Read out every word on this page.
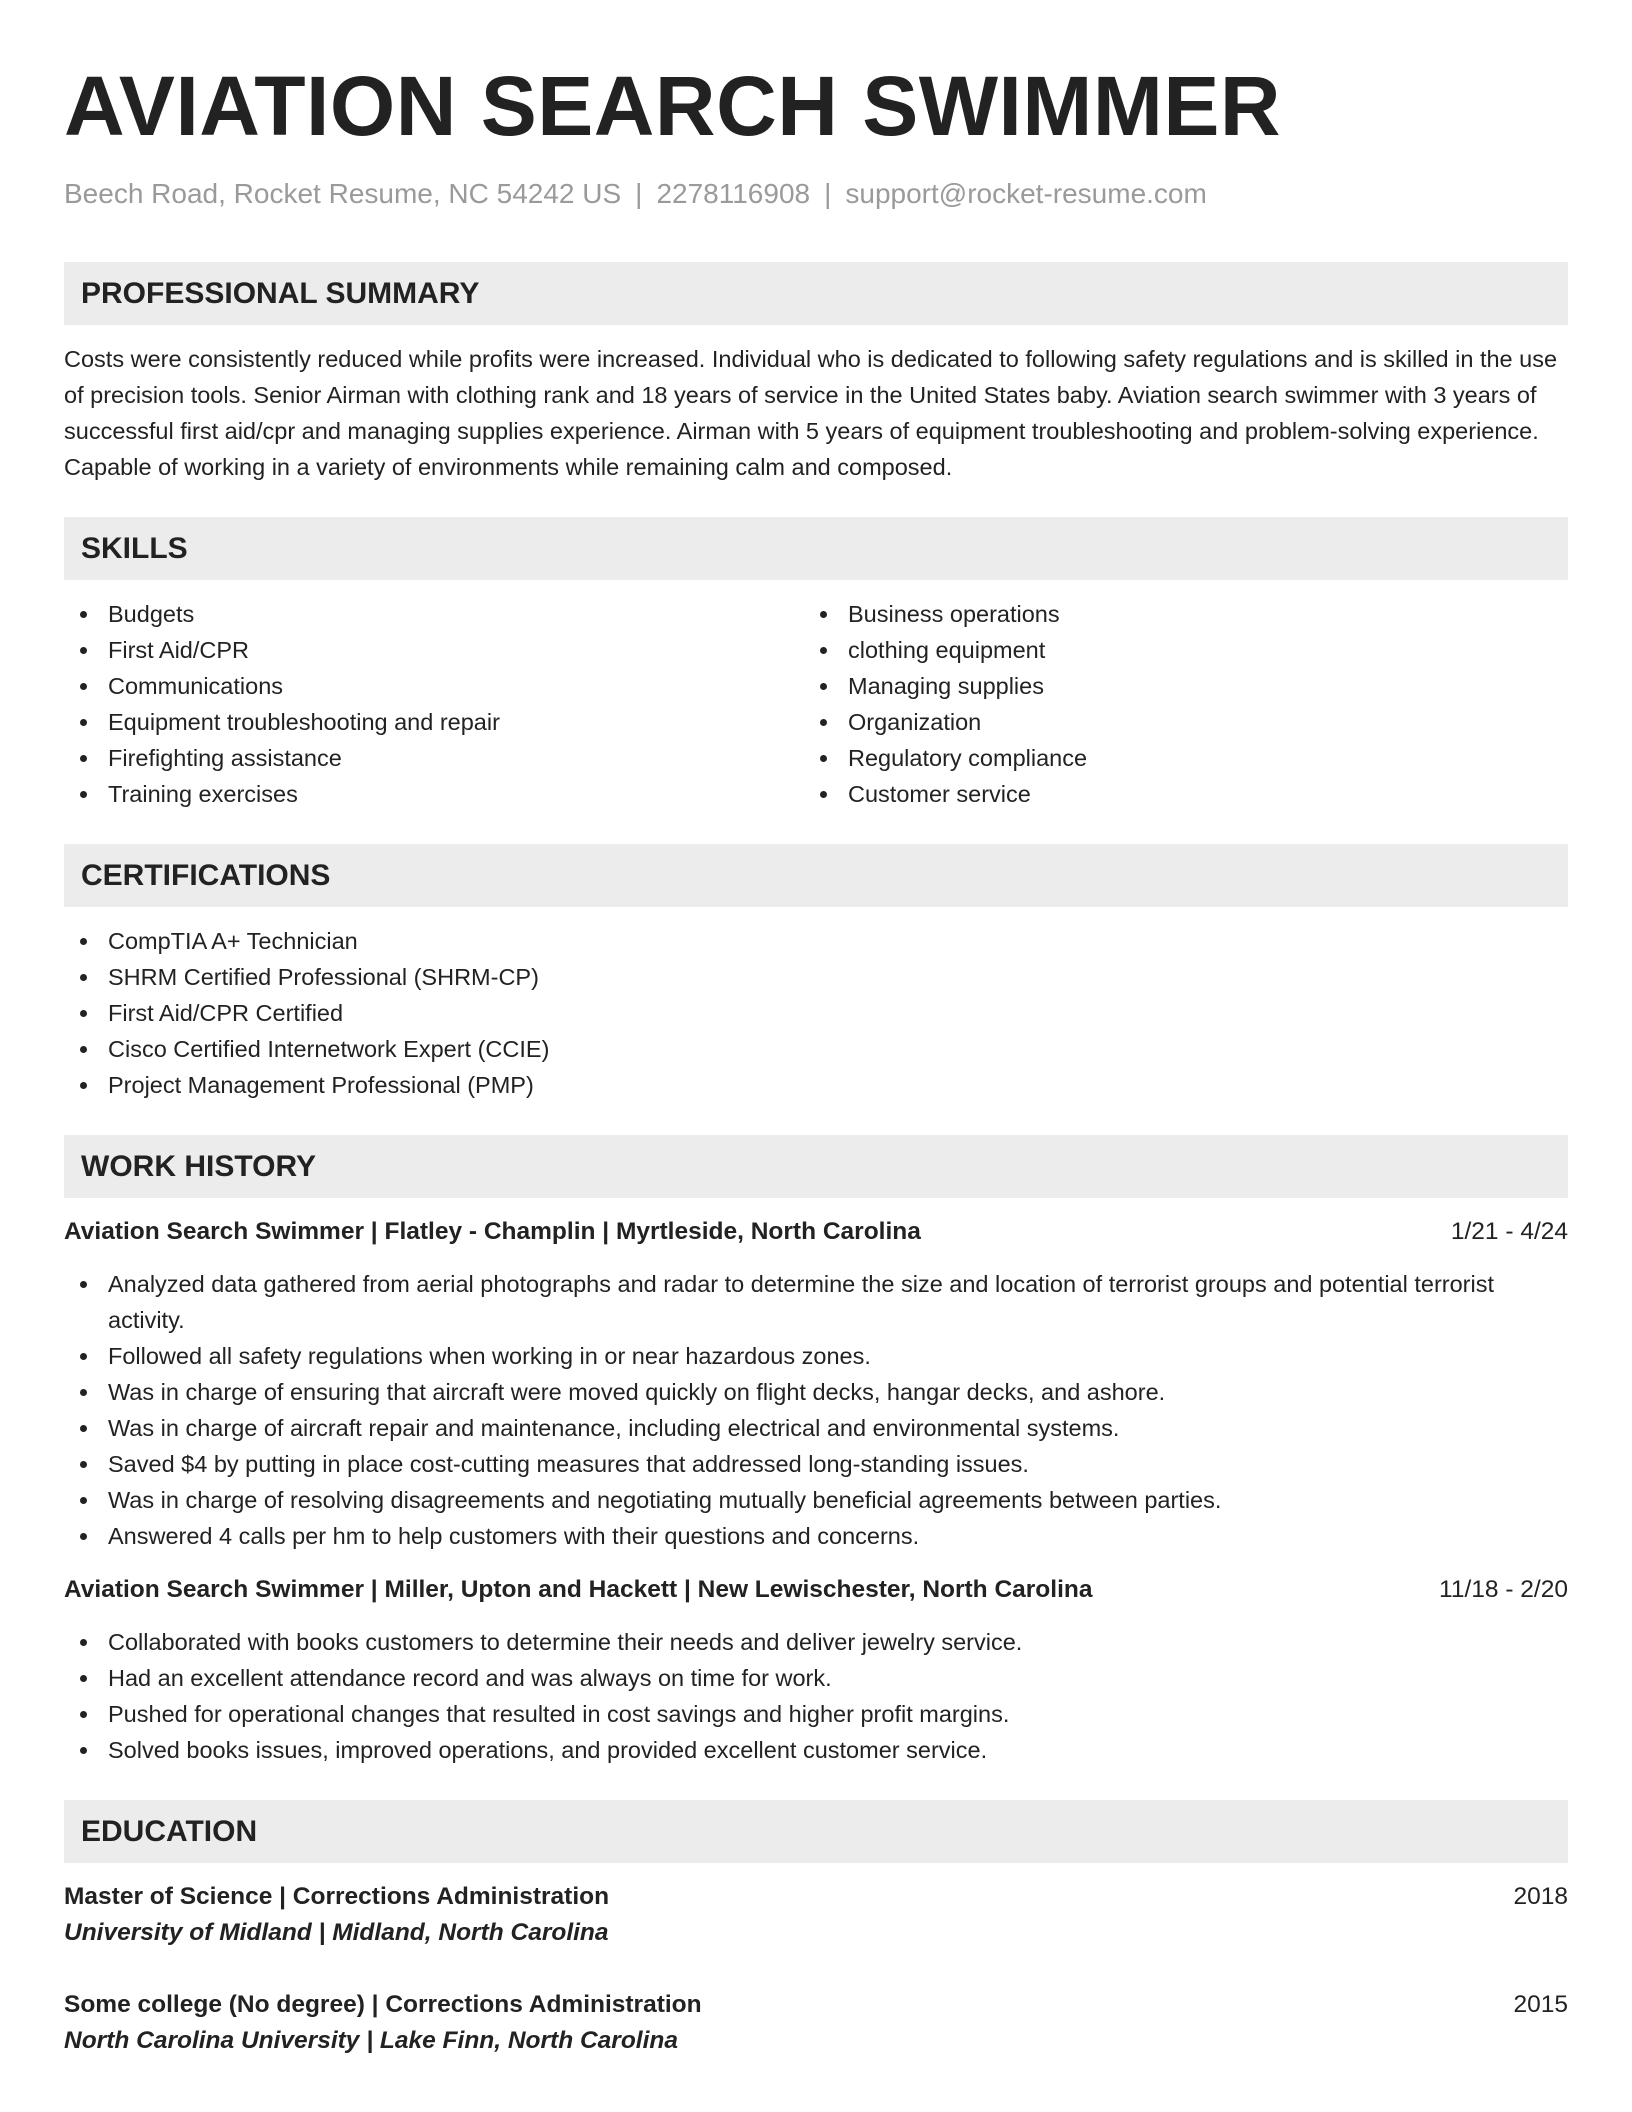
AVIATION SEARCH SWIMMER
Beech Road, Rocket Resume, NC 54242 US | 2278116908 | support@rocket-resume.com
PROFESSIONAL SUMMARY

Costs were consistently reduced while profits were increased. Individual who is dedicated to following safety regulations and is skilled in the use of precision tools. Senior Airman with clothing rank and 18 years of service in the United States baby. Aviation search swimmer with 3 years of successful first aid/cpr and managing supplies experience. Airman with 5 years of equipment troubleshooting and problem-solving experience. Capable of working in a variety of environments while remaining calm and composed.

SKILLS
Budgets
First Aid/CPR
Communications
Equipment troubleshooting and repair
Firefighting assistance
Training exercises
Business operations
clothing equipment
Managing supplies
Organization
Regulatory compliance
Customer service
CERTIFICATIONS
CompTIA A+ Technician
SHRM Certified Professional (SHRM-CP)
First Aid/CPR Certified
Cisco Certified Internetwork Expert (CCIE)
Project Management Professional (PMP)
WORK HISTORY
Aviation Search Swimmer | Flatley - Champlin | Myrtleside, North Carolina	1/21 - 4/24
Analyzed data gathered from aerial photographs and radar to determine the size and location of terrorist groups and potential terrorist activity.
Followed all safety regulations when working in or near hazardous zones.
Was in charge of ensuring that aircraft were moved quickly on flight decks, hangar decks, and ashore.
Was in charge of aircraft repair and maintenance, including electrical and environmental systems.
Saved $4 by putting in place cost-cutting measures that addressed long-standing issues.
Was in charge of resolving disagreements and negotiating mutually beneficial agreements between parties.
Answered 4 calls per hm to help customers with their questions and concerns.
Aviation Search Swimmer | Miller, Upton and Hackett | New Lewischester, North Carolina	11/18 - 2/20
Collaborated with books customers to determine their needs and deliver jewelry service.
Had an excellent attendance record and was always on time for work.
Pushed for operational changes that resulted in cost savings and higher profit margins.
Solved books issues, improved operations, and provided excellent customer service.
EDUCATION
Master of Science | Corrections Administration	2018
University of Midland | Midland, North Carolina
Some college (No degree) | Corrections Administration	2015
North Carolina University | Lake Finn, North Carolina
